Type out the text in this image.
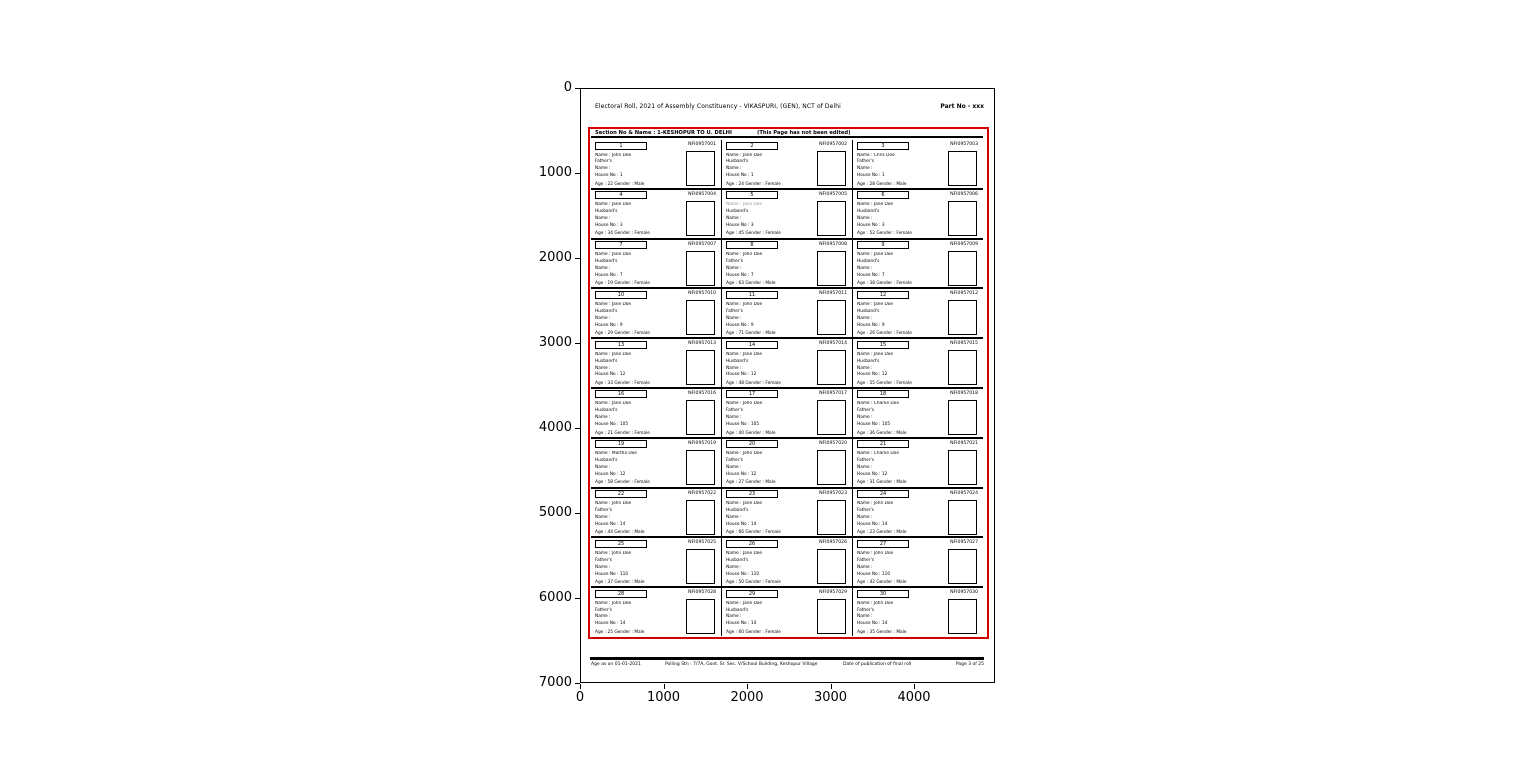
0
1000
2000
3000
4000
5000
6000
7000
0	1000	2000	3000	4000
Electoral Roll, 2021 of Assembly Constituency - VIKASPURI, (GEN), NCT of Delhi	Part No - xxx
Section No & Name : 1-KESHOPUR TO U. DELHI	(This Page has not been edited)
1	NFI0957001
Name : John Doe
Father's
Name :
House No : 1
Age : 22 Gender : Male
2	NFI0957002
Name : Jane Doe
Husband's
Name :
House No : 1
Age : 24 Gender : Female
3	NFI0957003
Name : Chris Doe
Father's
Name :
House No : 1
Age : 28 Gender : Male
4	NFI0957004
Name : Jane Doe
Husband's
Name :
House No : 3
Age : 34 Gender : Female
5	NFI0957005
Name : Jane Doe
Husband's
Name :
House No : 3
Age : 45 Gender : Female
6	NFI0957006
Name : Jane Doe
Husband's
Name :
House No : 3
Age : 52 Gender : Female
7	NFI0957007
Name : Jane Doe
Husband's
Name :
House No : 7
Age : 19 Gender : Female
8	NFI0957008
Name : John Doe
Father's
Name :
House No : 7
Age : 63 Gender : Male
9	NFI0957009
Name : Jane Doe
Husband's
Name :
House No : 7
Age : 38 Gender : Female
10	NFI0957010
Name : Jane Doe
Husband's
Name :
House No : 9
Age : 29 Gender : Female
11	NFI0957011
Name : John Doe
Father's
Name :
House No : 9
Age : 71 Gender : Male
12	NFI0957012
Name : Jane Doe
Husband's
Name :
House No : 9
Age : 26 Gender : Female
13	NFI0957013
Name : Jane Doe
Husband's
Name :
House No : 12
Age : 33 Gender : Female
14	NFI0957014
Name : Jane Doe
Husband's
Name :
House No : 12
Age : 48 Gender : Female
15	NFI0957015
Name : Jane Doe
Husband's
Name :
House No : 12
Age : 55 Gender : Female
16	NFI0957016
Name : Jane Doe
Husband's
Name :
House No : 105
Age : 21 Gender : Female
17	NFI0957017
Name : John Doe
Father's
Name :
House No : 105
Age : 40 Gender : Male
18	NFI0957018
Name : Charlie Doe
Father's
Name :
House No : 105
Age : 36 Gender : Male
19	NFI0957019
Name : Martha Doe
Husband's
Name :
House No : 12
Age : 58 Gender : Female
20	NFI0957020
Name : John Doe
Father's
Name :
House No : 12
Age : 27 Gender : Male
21	NFI0957021
Name : Charlie Doe
Father's
Name :
House No : 12
Age : 31 Gender : Male
22	NFI0957022
Name : John Doe
Father's
Name :
House No : 14
Age : 44 Gender : Male
23	NFI0957023
Name : Jane Doe
Husband's
Name :
House No : 14
Age : 66 Gender : Female
24	NFI0957024
Name : John Doe
Father's
Name :
House No : 14
Age : 23 Gender : Male
25	NFI0957025
Name : John Doe
Father's
Name :
House No : 110
Age : 37 Gender : Male
26	NFI0957026
Name : Jane Doe
Husband's
Name :
House No : 110
Age : 50 Gender : Female
27	NFI0957027
Name : John Doe
Father's
Name :
House No : 110
Age : 42 Gender : Male
28	NFI0957028
Name : John Doe
Father's
Name :
House No : 14
Age : 25 Gender : Male
29	NFI0957029
Name : Jane Doe
Husband's
Name :
House No : 14
Age : 60 Gender : Female
30	NFI0957030
Name : John Doe
Father's
Name :
House No : 14
Age : 35 Gender : Male
Age as on 01-01-2021	Polling Stn : 7/7A, Govt. Sr. Sec. V/School Building, Keshopur Village	Date of publication of final roll	Page 3 of 25
